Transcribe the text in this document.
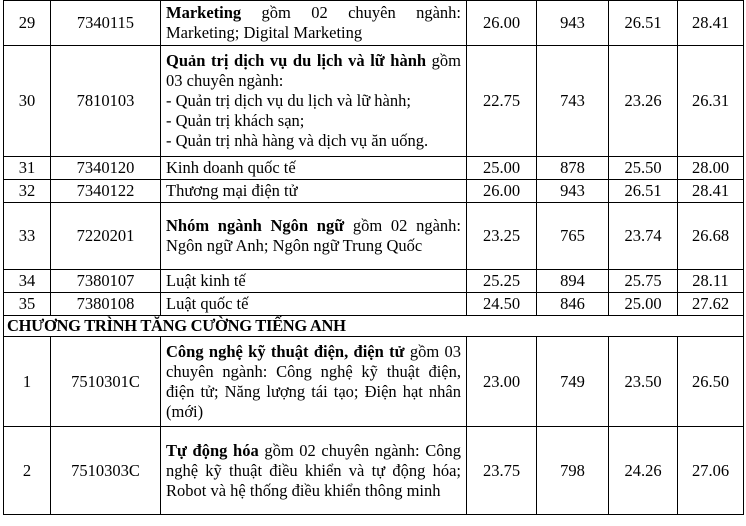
29	7340115	Marketing gồm 02 chuyên ngành: Marketing; Digital Marketing	26.00	943	26.51	28.41
30	7810103	Quản trị dịch vụ du lịch và lữ hành gồm 03 chuyên ngành:
- Quản trị dịch vụ du lịch và lữ hành;
- Quản trị khách sạn;
- Quản trị nhà hàng và dịch vụ ăn uống.	22.75	743	23.26	26.31
31	7340120	Kinh doanh quốc tế	25.00	878	25.50	28.00
32	7340122	Thương mại điện tử	26.00	943	26.51	28.41
33	7220201	Nhóm ngành Ngôn ngữ gồm 02 ngành: Ngôn ngữ Anh; Ngôn ngữ Trung Quốc	23.25	765	23.74	26.68
34	7380107	Luật kinh tế	25.25	894	25.75	28.11
35	7380108	Luật quốc tế	24.50	846	25.00	27.62
CHƯƠNG TRÌNH TĂNG CƯỜNG TIẾNG ANH						
1	7510301C	Công nghệ kỹ thuật điện, điện tử gồm 03 chuyên ngành: Công nghệ kỹ thuật điện, điện tử; Năng lượng tái tạo; Điện hạt nhân (mới)	23.00	749	23.50	26.50
2	7510303C	Tự động hóa gồm 02 chuyên ngành: Công nghệ kỹ thuật điều khiển và tự động hóa; Robot và hệ thống điều khiển thông minh	23.75	798	24.26	27.06
